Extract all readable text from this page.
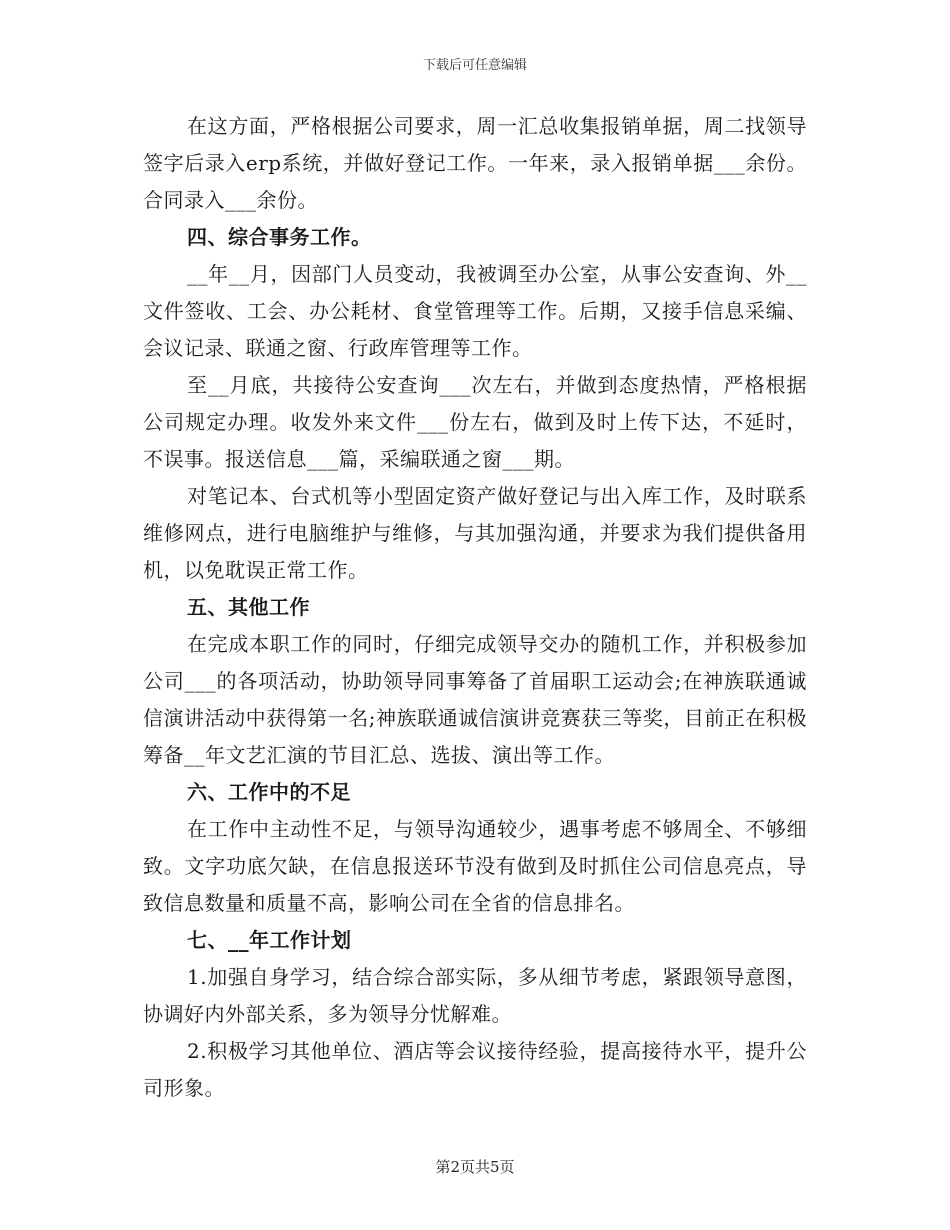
下载后可任意编辑

在这方面，严格根据公司要求，周一汇总收集报销单据，周二找领导签字后录入erp系统，并做好登记工作。一年来，录入报销单据___余份。合同录入___余份。

四、综合事务工作。

__年__月，因部门人员变动，我被调至办公室，从事公安查询、外__文件签收、工会、办公耗材、食堂管理等工作。后期，又接手信息采编、会议记录、联通之窗、行政库管理等工作。

至__月底，共接待公安查询___次左右，并做到态度热情，严格根据公司规定办理。收发外来文件___份左右，做到及时上传下达，不延时，不误事。报送信息___篇，采编联通之窗___期。

对笔记本、台式机等小型固定资产做好登记与出入库工作，及时联系维修网点，进行电脑维护与维修，与其加强沟通，并要求为我们提供备用机，以免耽误正常工作。

五、其他工作

在完成本职工作的同时，仔细完成领导交办的随机工作，并积极参加公司___的各项活动，协助领导同事筹备了首届职工运动会;在神族联通诚信演讲活动中获得第一名;神族联通诚信演讲竞赛获三等奖，目前正在积极筹备__年文艺汇演的节目汇总、选拔、演出等工作。

六、工作中的不足

在工作中主动性不足，与领导沟通较少，遇事考虑不够周全、不够细致。文字功底欠缺，在信息报送环节没有做到及时抓住公司信息亮点，导致信息数量和质量不高，影响公司在全省的信息排名。

七、__年工作计划

1.加强自身学习，结合综合部实际，多从细节考虑，紧跟领导意图，协调好内外部关系，多为领导分忧解难。

2.积极学习其他单位、酒店等会议接待经验，提高接待水平，提升公司形象。

第2页共5页
